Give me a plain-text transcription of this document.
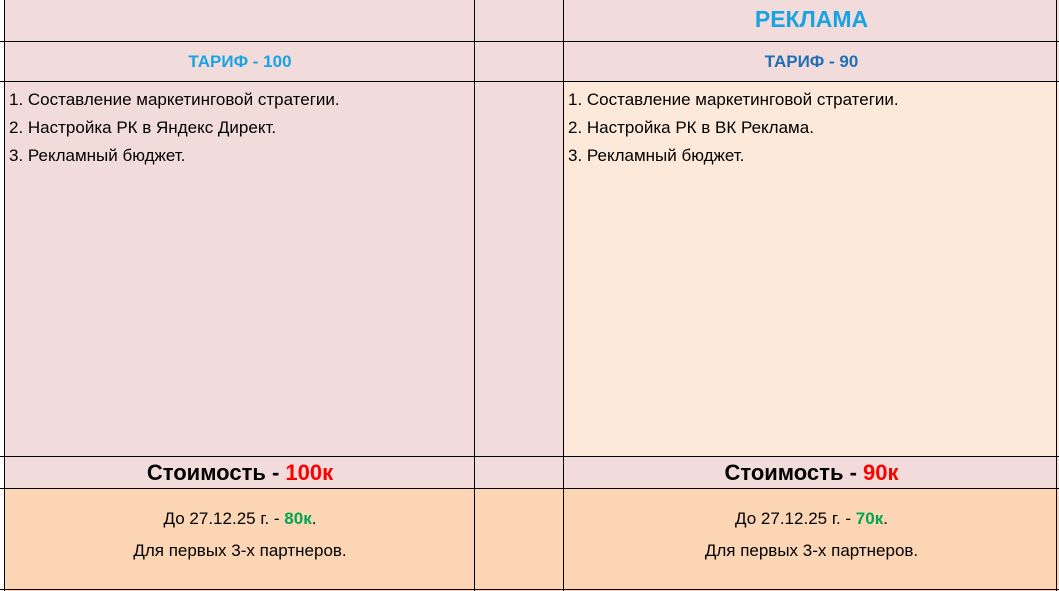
РЕКЛАМА
ТАРИФ - 100	ТАРИФ - 90
1. Составление маркетинговой стратегии.
2. Настройка РК в Яндекс Директ.
3. Рекламный бюджет.
1. Составление маркетинговой стратегии.
2. Настройка РК в ВК Реклама.
3. Рекламный бюджет.
Стоимость - 100к	Стоимость - 90к
До 27.12.25 г. - 80к.
Для первых 3-х партнеров.
До 27.12.25 г. - 70к.
Для первых 3-х партнеров.
